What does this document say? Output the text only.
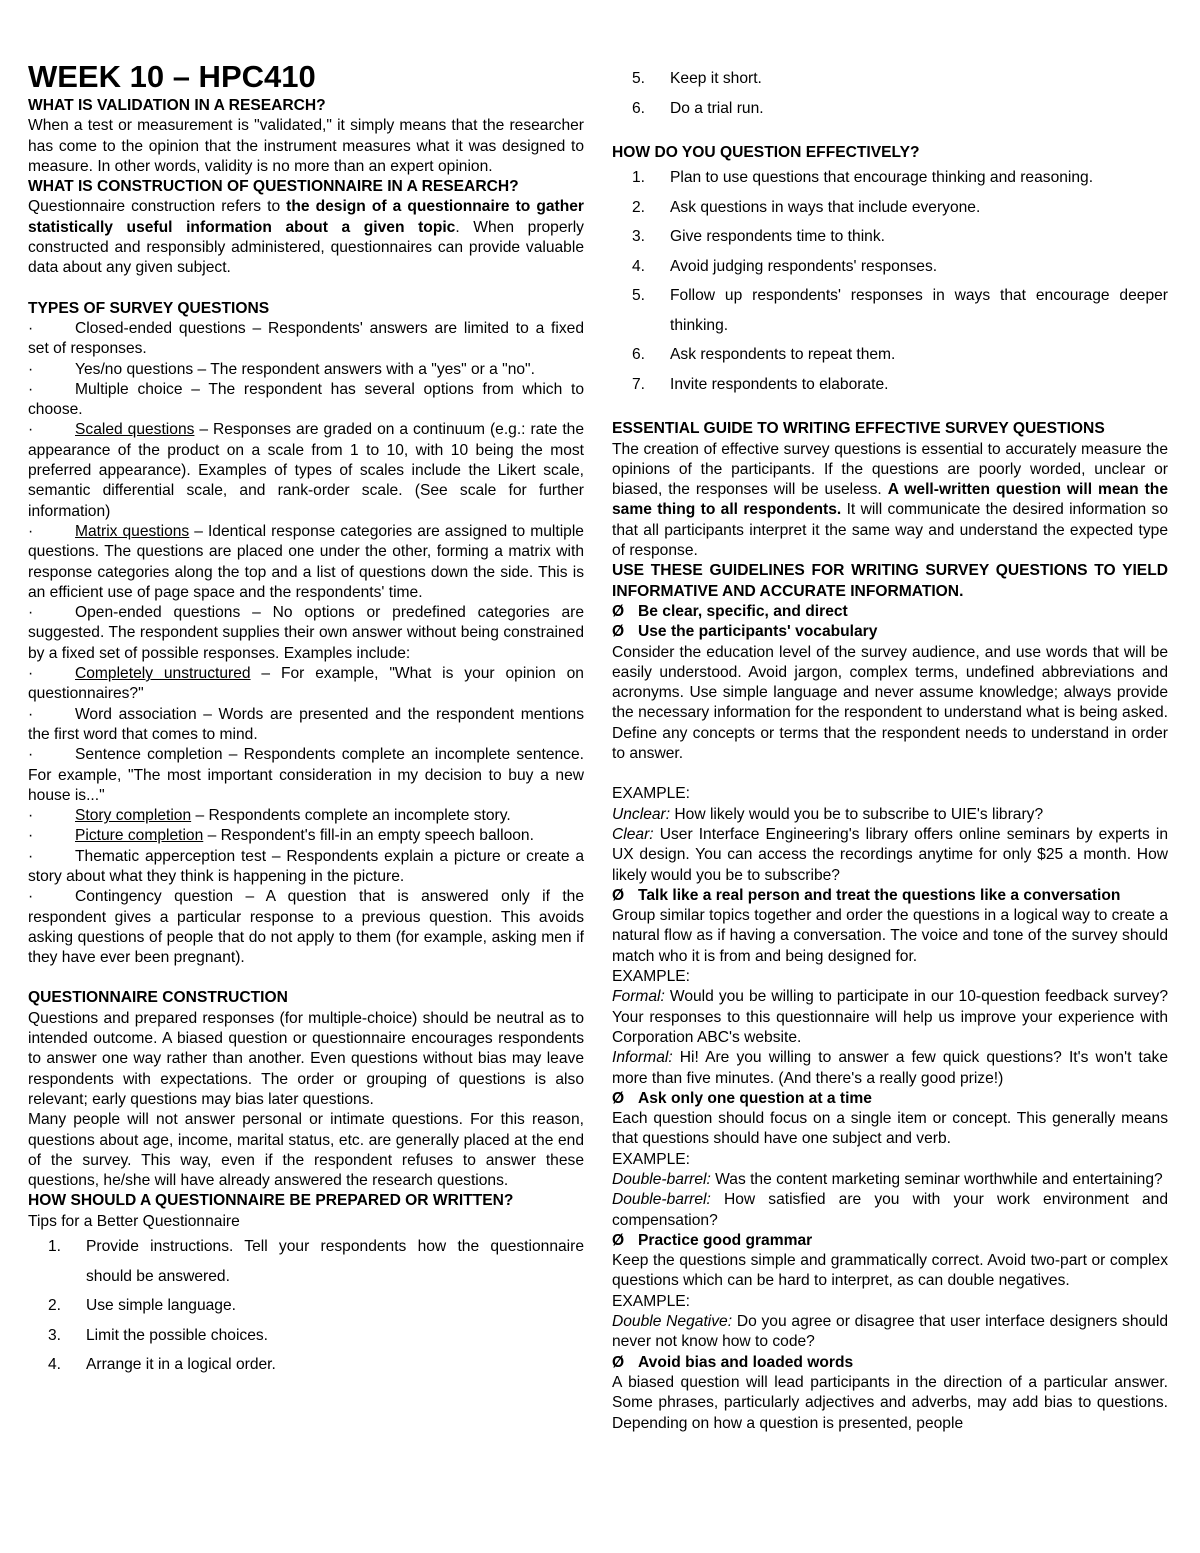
WEEK 10 – HPC410

WHAT IS VALIDATION IN A RESEARCH?

When a test or measurement is "validated," it simply means that the researcher has come to the opinion that the instrument measures what it was designed to measure. In other words, validity is no more than an expert opinion.

WHAT IS CONSTRUCTION OF QUESTIONNAIRE IN A RESEARCH?

Questionnaire construction refers to the design of a questionnaire to gather statistically useful information about a given topic. When properly constructed and responsibly administered, questionnaires can provide valuable data about any given subject.

TYPES OF SURVEY QUESTIONS

·	Closed-ended questions – Respondents' answers are limited to a fixed set of responses.

·	Yes/no questions – The respondent answers with a "yes" or a "no".

·	Multiple choice – The respondent has several options from which to choose.

·	Scaled questions – Responses are graded on a continuum (e.g.: rate the appearance of the product on a scale from 1 to 10, with 10 being the most preferred appearance). Examples of types of scales include the Likert scale, semantic differential scale, and rank-order scale. (See scale for further information)

·	Matrix questions – Identical response categories are assigned to multiple questions. The questions are placed one under the other, forming a matrix with response categories along the top and a list of questions down the side. This is an efficient use of page space and the respondents' time.

·	Open-ended questions – No options or predefined categories are suggested. The respondent supplies their own answer without being constrained by a fixed set of possible responses. Examples include:

·	Completely unstructured – For example, "What is your opinion on questionnaires?"

·	Word association – Words are presented and the respondent mentions the first word that comes to mind.

·	Sentence completion – Respondents complete an incomplete sentence. For example, "The most important consideration in my decision to buy a new house is..."

·	Story completion – Respondents complete an incomplete story.

·	Picture completion – Respondent's fill-in an empty speech balloon.

·	Thematic apperception test – Respondents explain a picture or create a story about what they think is happening in the picture.

·	Contingency question – A question that is answered only if the respondent gives a particular response to a previous question. This avoids asking questions of people that do not apply to them (for example, asking men if they have ever been pregnant).

QUESTIONNAIRE CONSTRUCTION

Questions and prepared responses (for multiple-choice) should be neutral as to intended outcome. A biased question or questionnaire encourages respondents to answer one way rather than another. Even questions without bias may leave respondents with expectations. The order or grouping of questions is also relevant; early questions may bias later questions.

Many people will not answer personal or intimate questions. For this reason, questions about age, income, marital status, etc. are generally placed at the end of the survey. This way, even if the respondent refuses to answer these questions, he/she will have already answered the research questions.

HOW SHOULD A QUESTIONNAIRE BE PREPARED OR WRITTEN?

Tips for a Better Questionnaire

1.	Provide instructions. Tell your respondents how the questionnaire should be answered.
2.	Use simple language.
3.	Limit the possible choices.
4.	Arrange it in a logical order.
5.	Keep it short.
6.	Do a trial run.

HOW DO YOU QUESTION EFFECTIVELY?

1.	Plan to use questions that encourage thinking and reasoning.
2.	Ask questions in ways that include everyone.
3.	Give respondents time to think.
4.	Avoid judging respondents' responses.
5.	Follow up respondents' responses in ways that encourage deeper thinking.
6.	Ask respondents to repeat them.
7.	Invite respondents to elaborate.

ESSENTIAL GUIDE TO WRITING EFFECTIVE SURVEY QUESTIONS

The creation of effective survey questions is essential to accurately measure the opinions of the participants. If the questions are poorly worded, unclear or biased, the responses will be useless. A well-written question will mean the same thing to all respondents. It will communicate the desired information so that all participants interpret it the same way and understand the expected type of response.

USE THESE GUIDELINES FOR WRITING SURVEY QUESTIONS TO YIELD INFORMATIVE AND ACCURATE INFORMATION.

Ø Be clear, specific, and direct

Ø Use the participants' vocabulary

Consider the education level of the survey audience, and use words that will be easily understood. Avoid jargon, complex terms, undefined abbreviations and acronyms. Use simple language and never assume knowledge; always provide the necessary information for the respondent to understand what is being asked. Define any concepts or terms that the respondent needs to understand in order to answer.

EXAMPLE:

Unclear: How likely would you be to subscribe to UIE's library?

Clear: User Interface Engineering's library offers online seminars by experts in UX design. You can access the recordings anytime for only $25 a month. How likely would you be to subscribe?

Ø Talk like a real person and treat the questions like a conversation

Group similar topics together and order the questions in a logical way to create a natural flow as if having a conversation. The voice and tone of the survey should match who it is from and being designed for.

EXAMPLE:

Formal: Would you be willing to participate in our 10-question feedback survey? Your responses to this questionnaire will help us improve your experience with Corporation ABC's website.

Informal: Hi! Are you willing to answer a few quick questions? It's won't take more than five minutes. (And there's a really good prize!)

Ø Ask only one question at a time

Each question should focus on a single item or concept. This generally means that questions should have one subject and verb.

EXAMPLE:

Double-barrel: Was the content marketing seminar worthwhile and entertaining?

Double-barrel: How satisfied are you with your work environment and compensation?

Ø Practice good grammar

Keep the questions simple and grammatically correct. Avoid two-part or complex questions which can be hard to interpret, as can double negatives.

EXAMPLE:

Double Negative: Do you agree or disagree that user interface designers should never not know how to code?

Ø Avoid bias and loaded words

A biased question will lead participants in the direction of a particular answer. Some phrases, particularly adjectives and adverbs, may add bias to questions. Depending on how a question is presented, people
